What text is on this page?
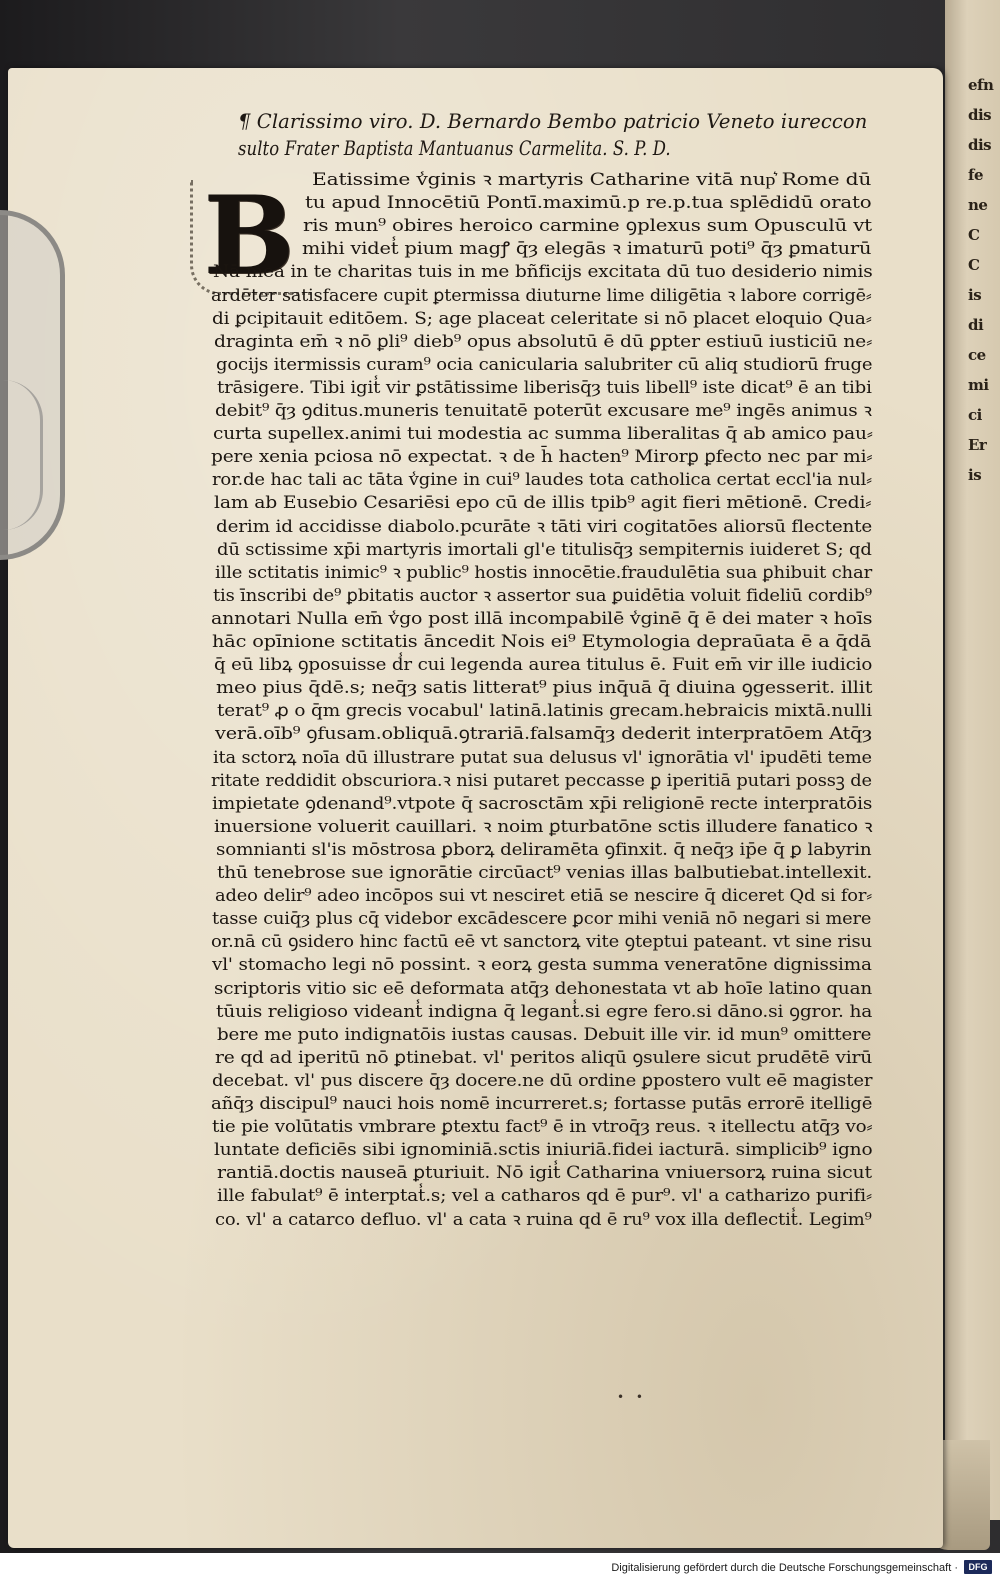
efn
dis
dis
fe
ne
C
C
is
di
ce
mi
ci
Er
is
¶ Clarissimo viro. D. Bernardo Bembo patricio Veneto iureccon
sulto Frater Baptista Mantuanus Carmelita. S. P. D.
B Eatissime v̾ginis ꝛ martyris Catharine vitā nup͛ Rome dū
tu apud Innocētiū Pontī.maximū.p re.p.tua splēdidū orato
ris mun⁹ obires heroico carmine ꝯplexus sum Opusculū vt
mihi videt̾ pium magꝭ q̄ȝ elegās ꝛ imaturū poti⁹ q̄ȝ ꝑmaturū
Nā mea in te charitas tuis in me bñficijs excitata dū tuo desiderio nimis
ardēter satisfacere cupit ꝑtermissa diuturne lime diligētia ꝛ labore corrigē⸗
di ꝑcipitauit editōem. S; age placeat celeritate si nō placet eloquio Qua⸗
draginta em̄ ꝛ nō ꝑli⁹ dieb⁹ opus absolutū ē dū ꝑpter estiuū iusticiū ne⸗
gocijs itermissis curam⁹ ocia canicularia salubriter cū aliq studiorū fruge
trāsigere. Tibi igit̾ vir ꝑstātissime liberisq̄ȝ tuis libell⁹ iste dicat⁹ ē an tibi
debit⁹ q̄ȝ ꝯditus.muneris tenuitatē poterūt excusare me⁹ ingēs animus ꝛ
curta supellex.animi tui modestia ac summa liberalitas q̄ ab amico pau⸗
pere xenia pciosa nō expectat. ꝛ de h̄ hacten⁹ Mirorꝑ ꝑfecto nec par mi⸗
ror.de hac tali ac tāta v̾gine in cui⁹ laudes tota catholica certat eccl'ia nul⸗
lam ab Eusebio Cesariēsi epo cū de illis tpib⁹ agit fieri mētionē. Credi⸗
derim id accidisse diabolo.pcurāte ꝛ tāti viri cogitatōes aliorsū flectente
dū sctissime xp̄i martyris imortali gl'e titulisq̄ȝ sempiternis iuideret S; qd
ille sctitatis inimic⁹ ꝛ public⁹ hostis innocētie.fraudulētia sua ꝑhibuit char
tis īnscribi de⁹ ꝑbitatis auctor ꝛ assertor sua ꝑuidētia voluit fideliū cordib⁹
annotari Nulla em̄ v̾go post illā incompabilē v̾ginē q̄ ē dei mater ꝛ hoīs
hāc opīnione sctitatis āncedit Nois ei⁹ Etymologia depraūata ē a q̄dā
q̄ eū libꝝ ꝯposuisse d̾r cui legenda aurea titulus ē. Fuit em̄ vir ille iudicio
meo pius q̄dē.s; neq̄ȝ satis litterat⁹ pius inq̄uā q̄ diuina ꝯgesserit. illit
terat⁹ ꝓ o q̄m grecis vocabul' latinā.latinis grecam.hebraicis mixtā.nulli
verā.oīb⁹ ꝯfusam.obliquā.ꝯtrariā.falsamq̄ȝ dederit interpratōem Atq̄ȝ
ita sctorꝝ noīa dū illustrare putat sua delusus vl' ignorātia vl' ipudēti teme
ritate reddidit obscuriora.ꝛ nisi putaret peccasse ꝑ iperitiā putari possꝫ de
impietate ꝯdenand⁹.vtpote q̄ sacrosctām xp̄i religionē recte interpratōis
inuersione voluerit cauillari. ꝛ noim ꝑturbatōne sctis illudere fanatico ꝛ
somnianti sl'is mōstrosa ꝑborꝝ deliramēta ꝯfinxit. q̄ neq̄ȝ ip̄e q̄ ꝑ labyrin
thū tenebrose sue ignorātie circūact⁹ venias illas balbutiebat.intellexit.
adeo delir⁹ adeo incōpos sui vt nesciret etiā se nescire q̄ diceret Qd si for⸗
tasse cuiq̄ȝ plus cq̄ videbor excādescere ꝑcor mihi veniā nō negari si mere
or.nā cū ꝯsidero hinc factū eē vt sanctorꝝ vite ꝯteptui pateant. vt sine risu
vl' stomacho legi nō possint. ꝛ eorꝝ gesta summa veneratōne dignissima
scriptoris vitio sic eē deformata atq̄ȝ dehonestata vt ab hoīe latino quan
tūuis religioso videant̾ indigna q̄ legant̾.si egre fero.si dāno.si ꝯgror. ha
bere me puto indignatōis iustas causas. Debuit ille vir. id mun⁹ omittere
re qd ad iperitū nō ꝑtinebat. vl' peritos aliqū ꝯsulere sicut prudētē virū
decebat. vl' pus discere q̄ȝ docere.ne dū ordine ꝑpostero vult eē magister
añq̄ȝ discipul⁹ nauci hois nomē incurreret.s; fortasse putās errorē itelligē
tie pie volūtatis vmbrare ꝑtextu fact⁹ ē in vtroq̄ȝ reus. ꝛ itellectu atq̄ȝ vo⸗
luntate deficiēs sibi ignominiā.sctis iniuriā.fidei iacturā. simplicib⁹ igno
rantiā.doctis nauseā ꝑturiuit. Nō igit̾ Catharina vniuersorꝝ ruina sicut
ille fabulat⁹ ē interptat̾.s; vel a catharos qd ē pur⁹. vl' a catharizo purifi⸗
co. vl' a catarco defluo. vl' a cata ꝛ ruina qd ē ru⁹ vox illa deflectit̾. Legim⁹
• •
Digitalisierung gefördert durch die Deutsche Forschungsgemeinschaft ·	DFG
